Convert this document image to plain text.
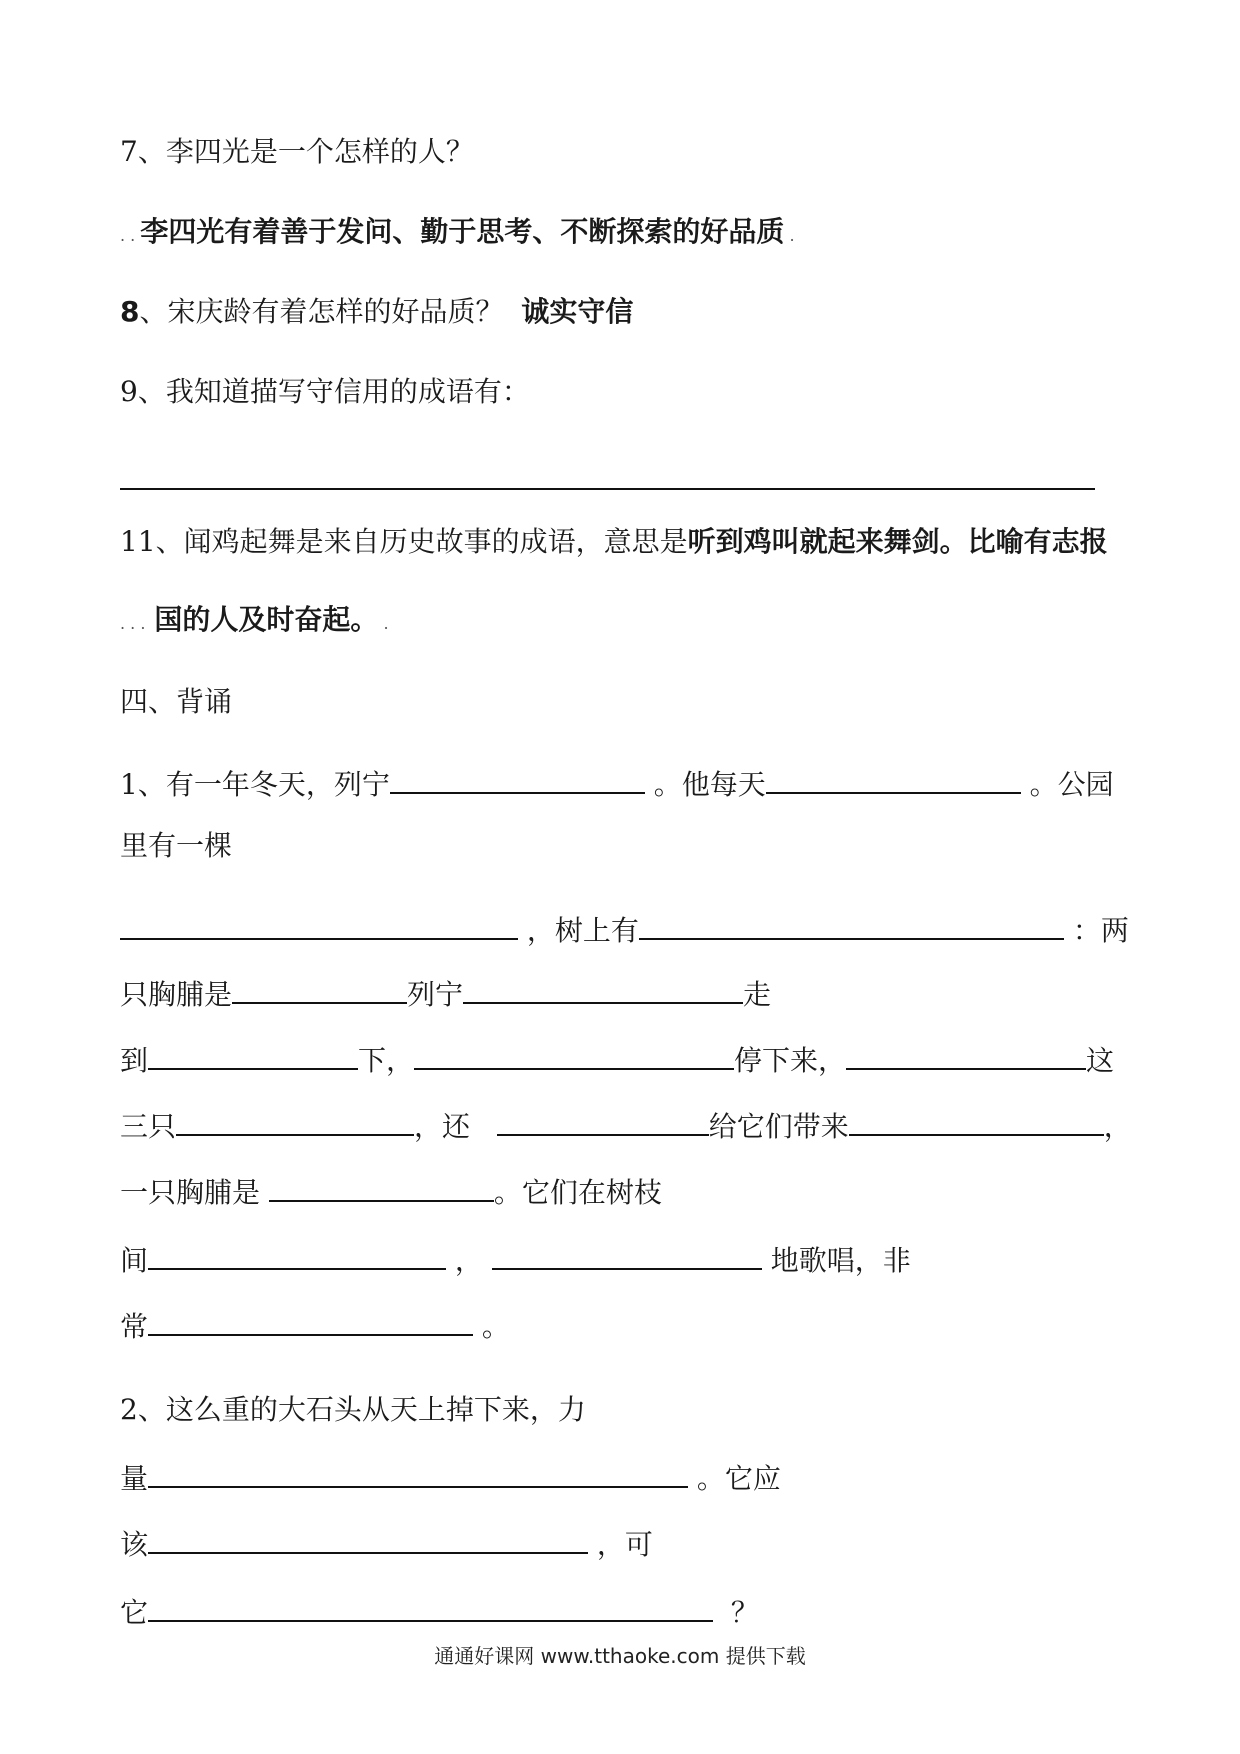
7、李四光是一个怎样的人？
. . 李四光有着善于发问、勤于思考、不断探索的好品质 .
8、宋庆龄有着怎样的好品质？ 诚实守信
9、我知道描写守信用的成语有：
11、闻鸡起舞是来自历史故事的成语，意思是听到鸡叫就起来舞剑。比喻有志报
. . . 国的人及时奋起。 .
四、背诵
1、有一年冬天，列宁	。他每天	。公园
里有一棵
，树上有	：两
只胸脯是	列宁	走
到	下，	停下来，	这
三只	，还	给它们带来	，
一只胸脯是	。它们在树枝
间	，	地歌唱，非
常	。
2、这么重的大石头从天上掉下来，力
量	。它应
该	，可
它	？
通通好课网 www.tthaoke.com 提供下载
